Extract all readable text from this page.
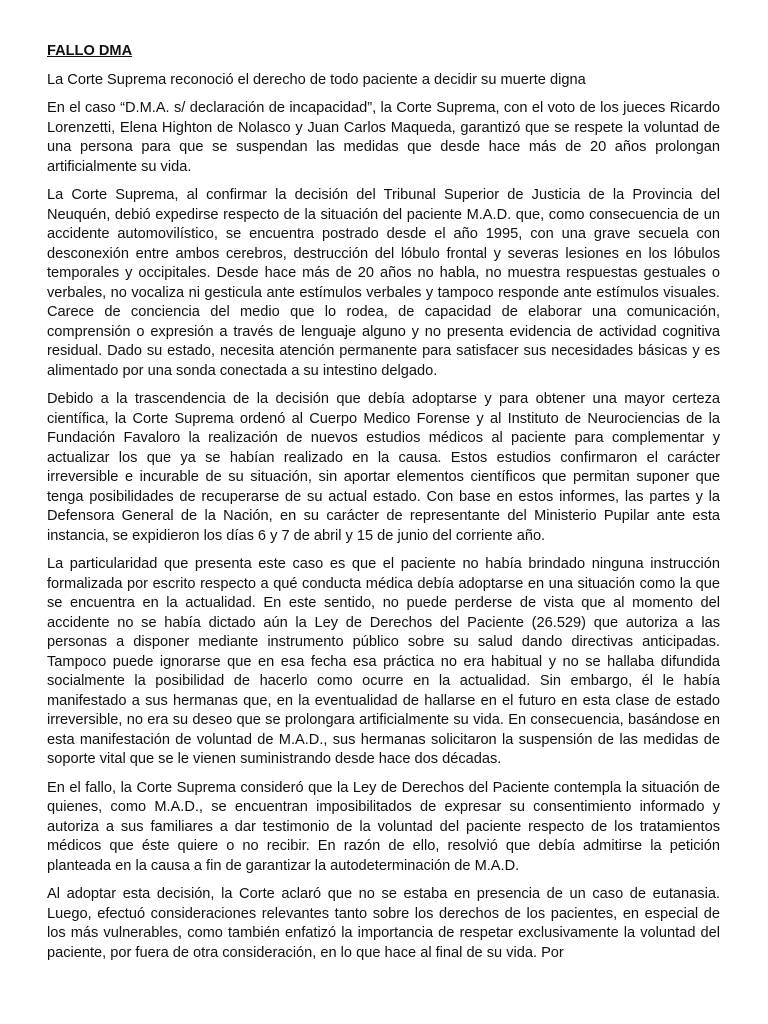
FALLO DMA
La Corte Suprema reconoció el derecho de todo paciente a decidir su muerte digna

En el caso “D.M.A. s/ declaración de incapacidad”, la Corte Suprema, con el voto de los jueces Ricardo Lorenzetti, Elena Highton de Nolasco y Juan Carlos Maqueda, garantizó que se respete la voluntad de una persona para que se suspendan las medidas que desde hace más de 20 años prolongan artificialmente su vida.

La Corte Suprema, al confirmar la decisión del Tribunal Superior de Justicia de la Provincia del Neuquén, debió expedirse respecto de la situación del paciente M.A.D. que, como consecuencia de un accidente automovilístico, se encuentra postrado desde el año 1995, con una grave secuela con desconexión entre ambos cerebros, destrucción del lóbulo frontal y severas lesiones en los lóbulos temporales y occipitales. Desde hace más de 20 años no habla, no muestra respuestas gestuales o verbales, no vocaliza ni gesticula ante estímulos verbales y tampoco responde ante estímulos visuales. Carece de conciencia del medio que lo rodea, de capacidad de elaborar una comunicación, comprensión o expresión a través de lenguaje alguno y no presenta evidencia de actividad cognitiva residual. Dado su estado, necesita atención permanente para satisfacer sus necesidades básicas y es alimentado por una sonda conectada a su intestino delgado.

Debido a la trascendencia de la decisión que debía adoptarse y para obtener una mayor certeza científica, la Corte Suprema ordenó al Cuerpo Medico Forense y al Instituto de Neurociencias de la Fundación Favaloro la realización de nuevos estudios médicos al paciente para complementar y actualizar los que ya se habían realizado en la causa. Estos estudios confirmaron el carácter irreversible e incurable de su situación, sin aportar elementos científicos que permitan suponer que tenga posibilidades de recuperarse de su actual estado. Con base en estos informes, las partes y la Defensora General de la Nación, en su carácter de representante del Ministerio Pupilar ante esta instancia, se expidieron los días 6 y 7 de abril y 15 de junio del corriente año.

La particularidad que presenta este caso es que el paciente no había brindado ninguna instrucción formalizada por escrito respecto a qué conducta médica debía adoptarse en una situación como la que se encuentra en la actualidad. En este sentido, no puede perderse de vista que al momento del accidente no se había dictado aún la Ley de Derechos del Paciente (26.529) que autoriza a las personas a disponer mediante instrumento público sobre su salud dando directivas anticipadas. Tampoco puede ignorarse que en esa fecha esa práctica no era habitual y no se hallaba difundida socialmente la posibilidad de hacerlo como ocurre en la actualidad. Sin embargo, él le había manifestado a sus hermanas que, en la eventualidad de hallarse en el futuro en esta clase de estado irreversible, no era su deseo que se prolongara artificialmente su vida. En consecuencia, basándose en esta manifestación de voluntad de M.A.D., sus hermanas solicitaron la suspensión de las medidas de soporte vital que se le vienen suministrando desde hace dos décadas.

En el fallo, la Corte Suprema consideró que la Ley de Derechos del Paciente contempla la situación de quienes, como M.A.D., se encuentran imposibilitados de expresar su consentimiento informado y autoriza a sus familiares a dar testimonio de la voluntad del paciente respecto de los tratamientos médicos que éste quiere o no recibir. En razón de ello, resolvió que debía admitirse la petición planteada en la causa a fin de garantizar la autodeterminación de M.A.D.

Al adoptar esta decisión, la Corte aclaró que no se estaba en presencia de un caso de eutanasia. Luego, efectuó consideraciones relevantes tanto sobre los derechos de los pacientes, en especial de los más vulnerables, como también enfatizó la importancia de respetar exclusivamente la voluntad del paciente, por fuera de otra consideración, en lo que hace al final de su vida. Por
